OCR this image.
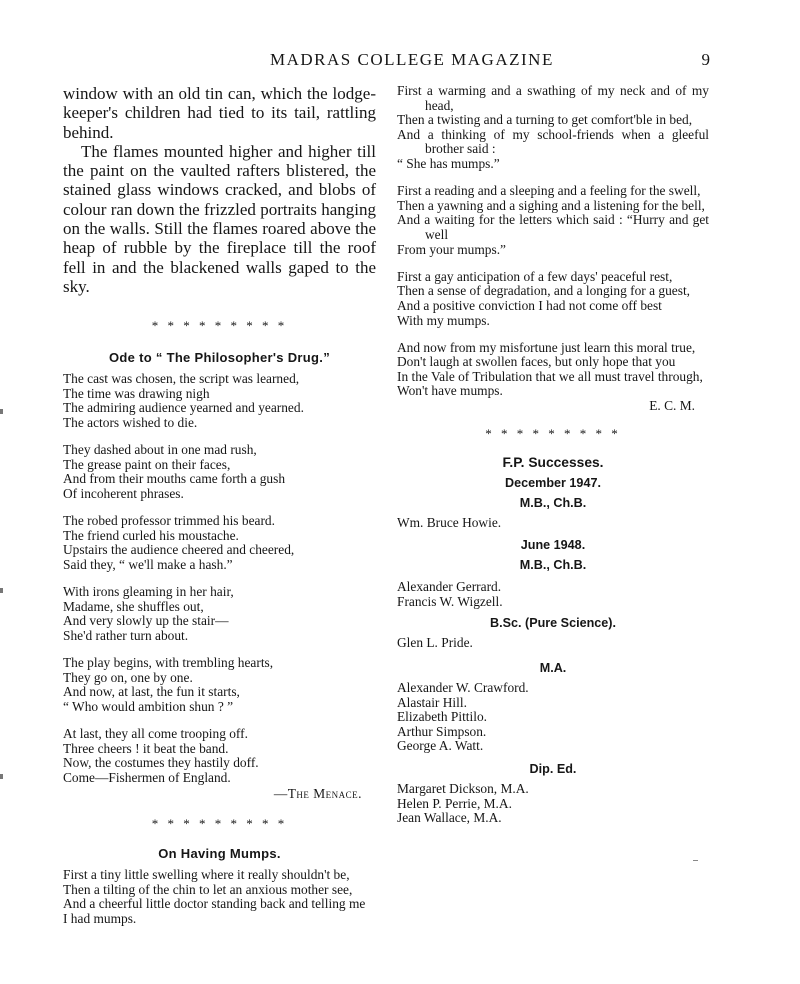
MADRAS COLLEGE MAGAZINE	9

window with an old tin can, which the lodge-keeper's children had tied to its tail, rattling behind.

The flames mounted higher and higher till the paint on the vaulted rafters blistered, the stained glass windows cracked, and blobs of colour ran down the frizzled portraits hanging on the walls. Still the flames roared above the heap of rubble by the fireplace till the roof fell in and the blackened walls gaped to the sky.

* * * * * * * * *
Ode to “ The Philosopher's Drug.”
The cast was chosen, the script was learned,
The time was drawing nigh
The admiring audience yearned and yearned.
The actors wished to die.
They dashed about in one mad rush,
The grease paint on their faces,
And from their mouths came forth a gush
Of incoherent phrases.
The robed professor trimmed his beard.
The friend curled his moustache.
Upstairs the audience cheered and cheered,
Said they, “ we'll make a hash.”
With irons gleaming in her hair,
Madame, she shuffles out,
And very slowly up the stair—
She'd rather turn about.
The play begins, with trembling hearts,
They go on, one by one.
And now, at last, the fun it starts,
“ Who would ambition shun ? ”
At last, they all come trooping off.
Three cheers ! it beat the band.
Now, the costumes they hastily doff.
Come—Fishermen of England.
—The Menace.
* * * * * * * * *
On Having Mumps.
First a tiny little swelling where it really shouldn't be,
Then a tilting of the chin to let an anxious mother see,
And a cheerful little doctor standing back and telling me
I had mumps.
First a warming and a swathing of my neck and of my head,
Then a twisting and a turning to get comfort'ble in bed,
And a thinking of my school-friends when a gleeful brother said :
“ She has mumps.”
First a reading and a sleeping and a feeling for the swell,
Then a yawning and a sighing and a listening for the bell,
And a waiting for the letters which said : “Hurry and get well
From your mumps.”
First a gay anticipation of a few days' peaceful rest,
Then a sense of degradation, and a longing for a guest,
And a positive conviction I had not come off best
With my mumps.
And now from my misfortune just learn this moral true,
Don't laugh at swollen faces, but only hope that you
In the Vale of Tribulation that we all must travel through,
Won't have mumps.
E. C. M.
* * * * * * * * *
F.P. Successes.
December 1947.
M.B., Ch.B.
Wm. Bruce Howie.
June 1948.
M.B., Ch.B.
Alexander Gerrard.
Francis W. Wigzell.
B.Sc. (Pure Science).
Glen L. Pride.
M.A.
Alexander W. Crawford.
Alastair Hill.
Elizabeth Pittilo.
Arthur Simpson.
George A. Watt.
Dip. Ed.
Margaret Dickson, M.A.
Helen P. Perrie, M.A.
Jean Wallace, M.A.
